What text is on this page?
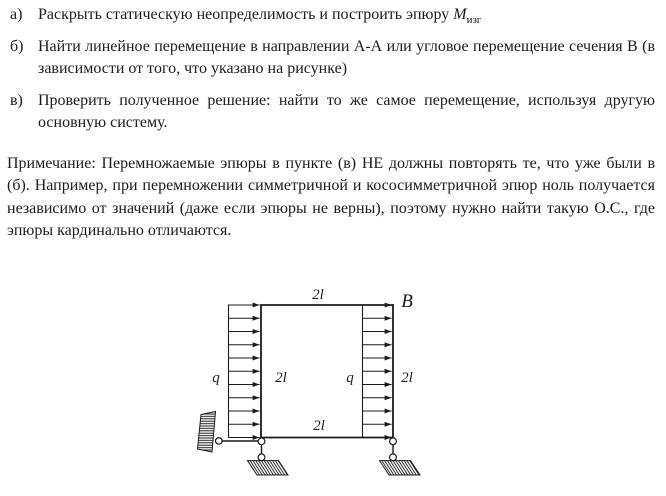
а) Раскрыть статическую неопределимость и построить эпюру $M_{изг}$
б) Найти линейное перемещение в направлении А-А или угловое перемещение сечения В (в зависимости от того, что указано на рисунке)
в) Проверить полученное решение: найти то же самое перемещение, используя другую основную систему.

Примечание: Перемножаемые эпюры в пункте (в) НЕ должны повторять те, что уже были в (б). Например, при перемножении симметричной и кососимметричной эпюр ноль получается независимо от значений (даже если эпюры не верны), поэтому нужно найти такую О.С., где эпюры кардинально отличаются.

2l	B
q	2l	q	2l
2l
